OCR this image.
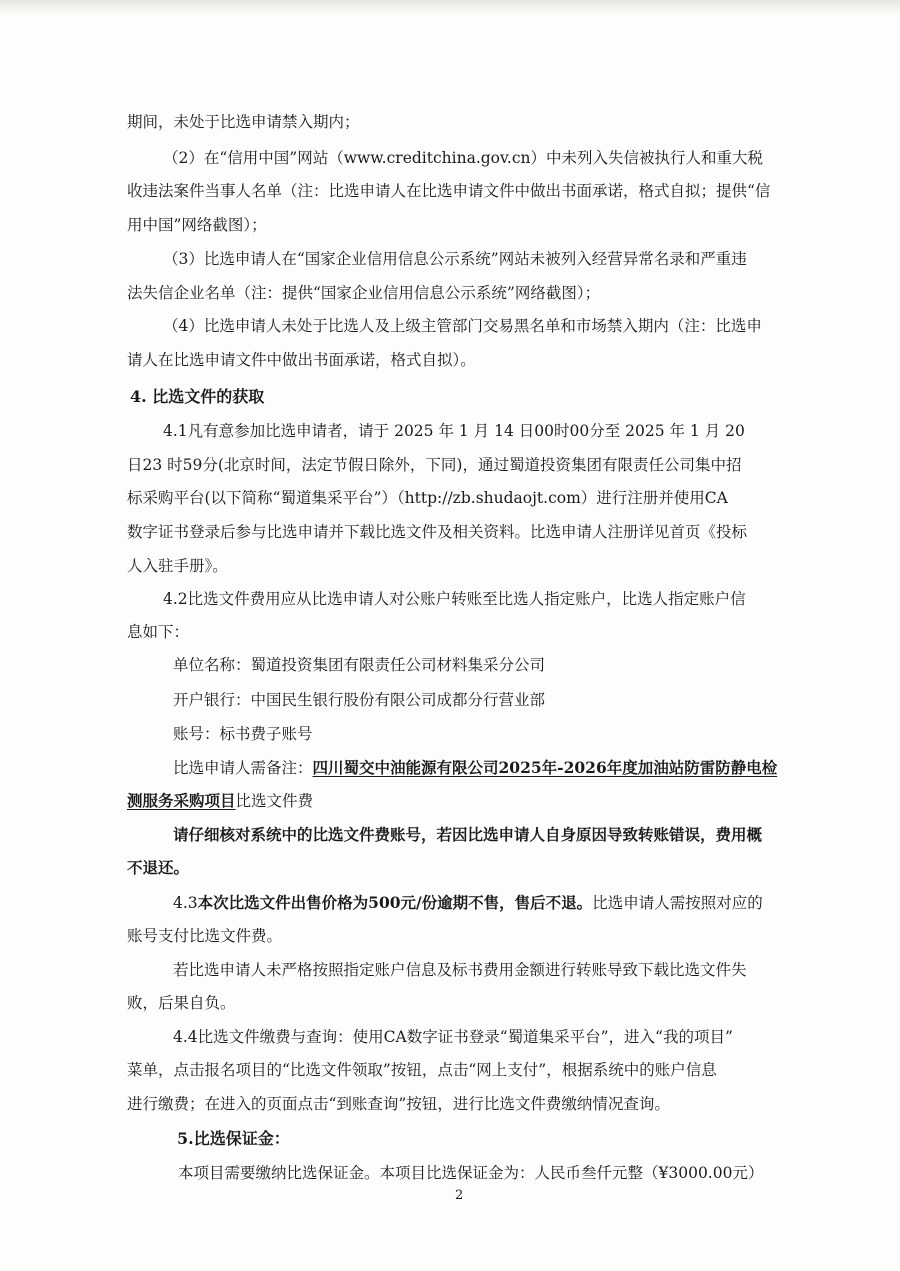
期间，未处于比选申请禁入期内；
（2）在“信用中国”网站（www.creditchina.gov.cn）中未列入失信被执行人和重大税
收违法案件当事人名单（注：比选申请人在比选申请文件中做出书面承诺，格式自拟；提供“信
用中国”网络截图）；
（3）比选申请人在“国家企业信用信息公示系统”网站未被列入经营异常名录和严重违
法失信企业名单（注：提供“国家企业信用信息公示系统”网络截图）；
（4）比选申请人未处于比选人及上级主管部门交易黑名单和市场禁入期内（注：比选申
请人在比选申请文件中做出书面承诺，格式自拟）。
4. 比选文件的获取
4.1凡有意参加比选申请者，请于 2025 年 1 月 14 日00时00分至 2025 年 1 月 20
日23 时59分(北京时间，法定节假日除外，下同)，通过蜀道投资集团有限责任公司集中招
标采购平台(以下简称“蜀道集采平台”）（http://zb.shudaojt.com）进行注册并使用CA
数字证书登录后参与比选申请并下载比选文件及相关资料。比选申请人注册详见首页《投标
人入驻手册》。
4.2比选文件费用应从比选申请人对公账户转账至比选人指定账户，比选人指定账户信
息如下：
单位名称：蜀道投资集团有限责任公司材料集采分公司
开户银行：中国民生银行股份有限公司成都分行营业部
账号：标书费子账号
比选申请人需备注：四川蜀交中油能源有限公司2025年-2026年度加油站防雷防静电检
测服务采购项目比选文件费
请仔细核对系统中的比选文件费账号，若因比选申请人自身原因导致转账错误，费用概
不退还。
4.3本次比选文件出售价格为500元/份逾期不售，售后不退。比选申请人需按照对应的
账号支付比选文件费。
若比选申请人未严格按照指定账户信息及标书费用金额进行转账导致下载比选文件失
败，后果自负。
4.4比选文件缴费与查询：使用CA数字证书登录“蜀道集采平台”，进入“我的项目”
菜单，点击报名项目的“比选文件领取”按钮，点击“网上支付”，根据系统中的账户信息
进行缴费；在进入的页面点击“到账查询”按钮，进行比选文件费缴纳情况查询。
5.比选保证金：
本项目需要缴纳比选保证金。本项目比选保证金为：人民币叁仟元整（¥3000.00元）
2
